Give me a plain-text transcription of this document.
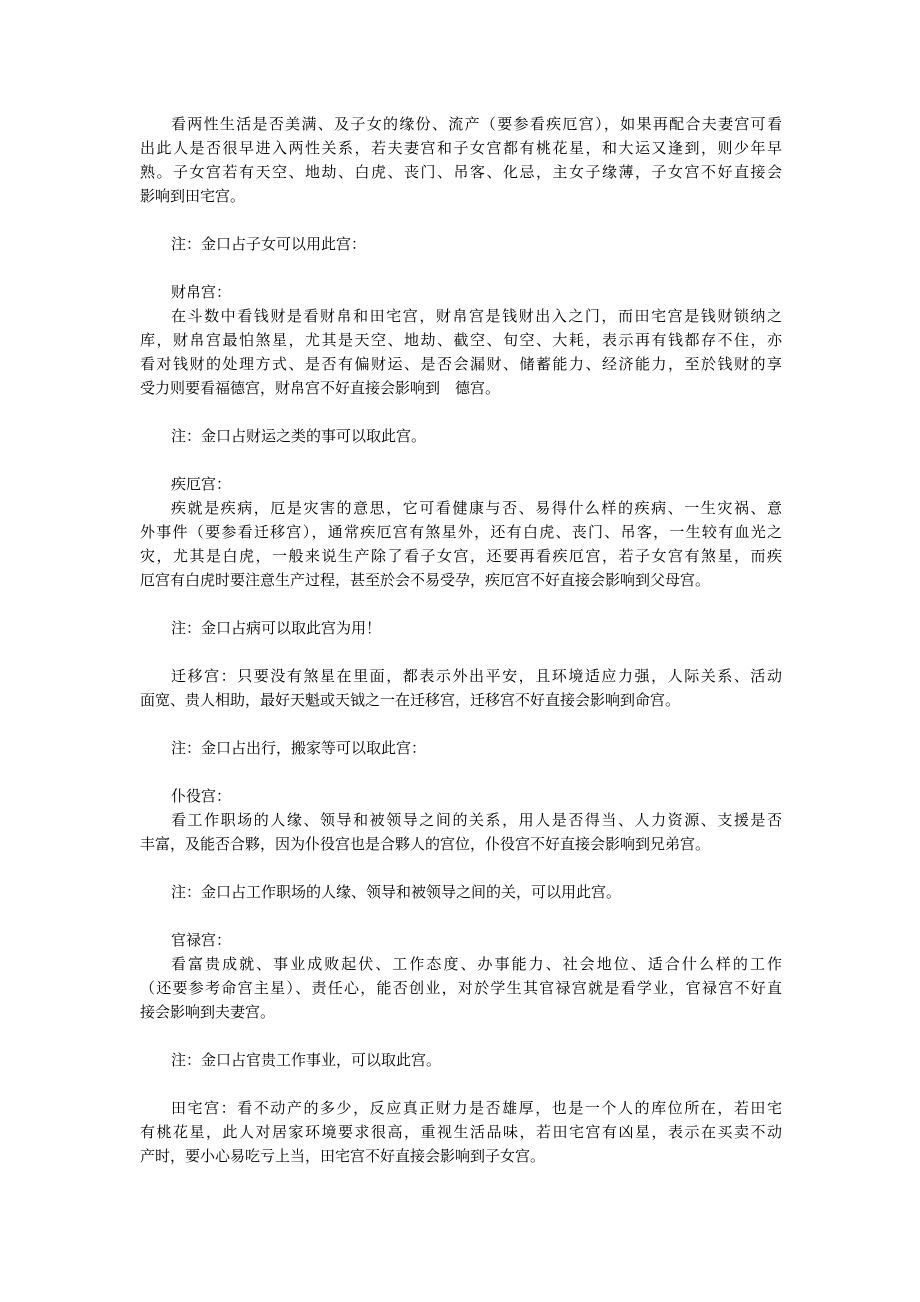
看两性生活是否美满、及子女的缘份、流产（要参看疾厄宫），如果再配合夫妻宫可看
出此人是否很早进入两性关系，若夫妻宫和子女宫都有桃花星，和大运又逢到，则少年早
熟。子女宫若有天空、地劫、白虎、丧门、吊客、化忌，主女子缘薄，子女宫不好直接会
影响到田宅宫。
注：金口占子女可以用此宫：
财帛宫：
在斗数中看钱财是看财帛和田宅宫，财帛宫是钱财出入之门，而田宅宫是钱财锁纳之
库，财帛宫最怕煞星，尤其是天空、地劫、截空、旬空、大耗，表示再有钱都存不住，亦
看对钱财的处理方式、是否有偏财运、是否会漏财、储蓄能力、经济能力，至於钱财的享
受力则要看福德宫，财帛宫不好直接会影响到　德宫。
注：金口占财运之类的事可以取此宫。
疾厄宫：
疾就是疾病，厄是灾害的意思，它可看健康与否、易得什么样的疾病、一生灾祸、意
外事件（要参看迁移宫），通常疾厄宫有煞星外，还有白虎、丧门、吊客，一生较有血光之
灾，尤其是白虎，一般来说生产除了看子女宫，还要再看疾厄宫，若子女宫有煞星，而疾
厄宫有白虎时要注意生产过程，甚至於会不易受孕，疾厄宫不好直接会影响到父母宫。
注：金口占病可以取此宫为用！
迁移宫：只要没有煞星在里面，都表示外出平安，且环境适应力强，人际关系、活动
面宽、贵人相助，最好天魁或天钺之一在迁移宫，迁移宫不好直接会影响到命宫。
注：金口占出行，搬家等可以取此宫：
仆役宫：
看工作职场的人缘、领导和被领导之间的关系，用人是否得当、人力资源、支援是否
丰富，及能否合夥，因为仆役宫也是合夥人的宫位，仆役宫不好直接会影响到兄弟宫。
注：金口占工作职场的人缘、领导和被领导之间的关，可以用此宫。
官禄宫：
看富贵成就、事业成败起伏、工作态度、办事能力、社会地位、适合什么样的工作
（还要参考命宫主星）、责任心，能否创业，对於学生其官禄宫就是看学业，官禄宫不好直
接会影响到夫妻宫。
注：金口占官贵工作事业，可以取此宫。
田宅宫：看不动产的多少，反应真正财力是否雄厚，也是一个人的库位所在，若田宅
有桃花星，此人对居家环境要求很高，重视生活品味，若田宅宫有凶星，表示在买卖不动
产时，要小心易吃亏上当，田宅宫不好直接会影响到子女宫。
